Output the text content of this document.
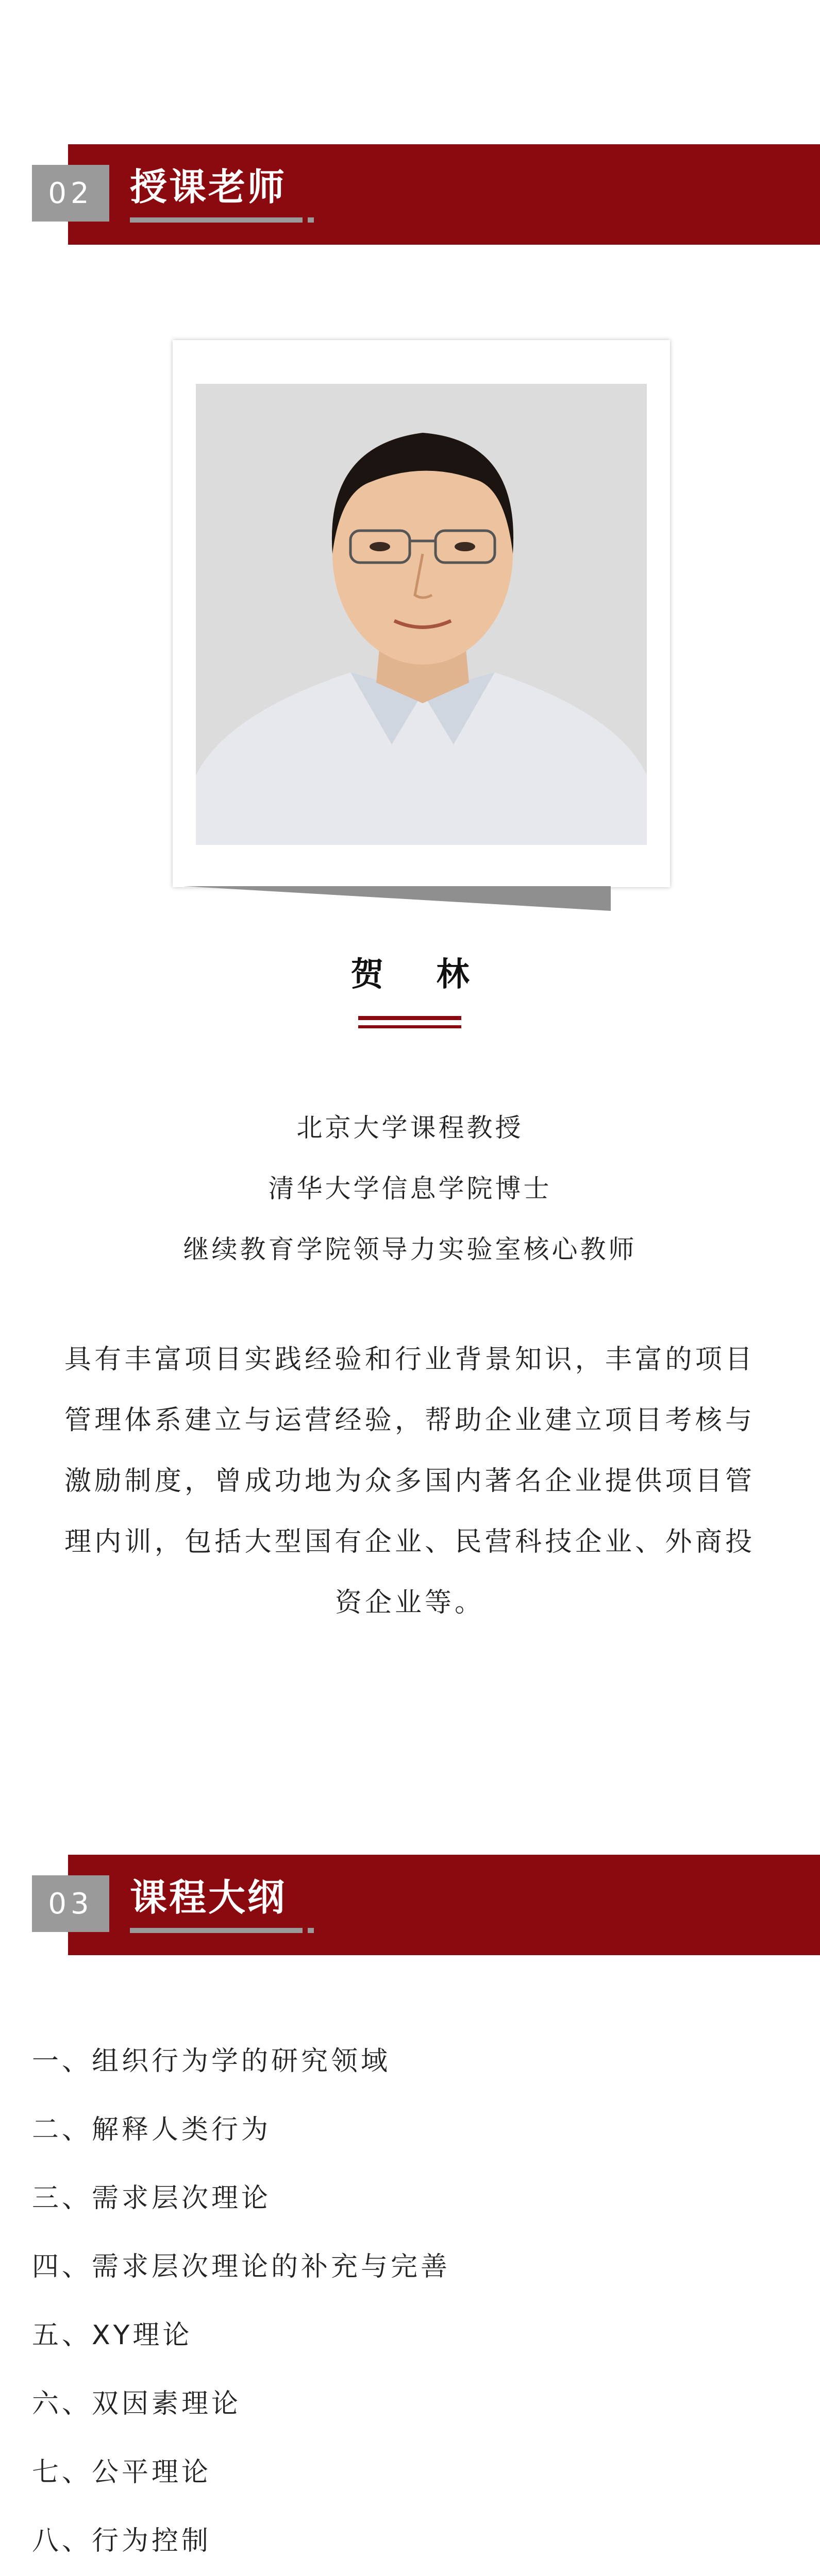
02 授课老师
贺 林
北京大学课程教授
清华大学信息学院博士
继续教育学院领导力实验室核心教师
具有丰富项目实践经验和行业背景知识，丰富的项目管理体系建立与运营经验，帮助企业建立项目考核与激励制度，曾成功地为众多国内著名企业提供项目管理内训，包括大型国有企业、民营科技企业、外商投资企业等。
03 课程大纲
一、组织行为学的研究领域
二、解释人类行为
三、需求层次理论
四、需求层次理论的补充与完善
五、XY理论
六、双因素理论
七、公平理论
八、行为控制
